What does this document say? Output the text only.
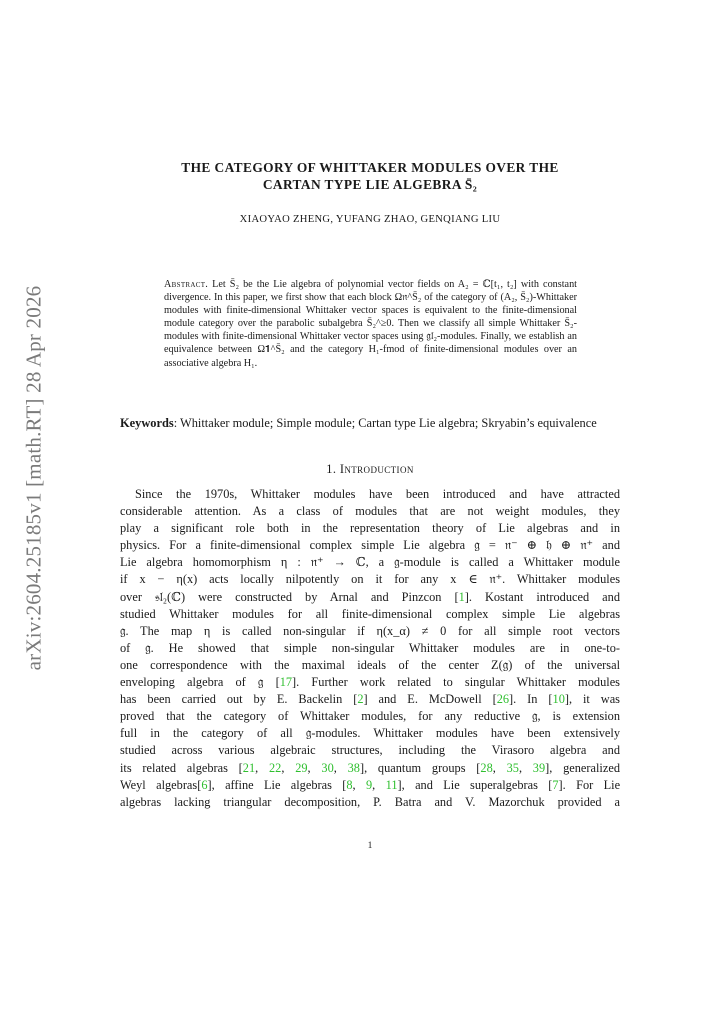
arXiv:2604.25185v1 [math.RT] 28 Apr 2026
THE CATEGORY OF WHITTAKER MODULES OVER THE
CARTAN TYPE LIE ALGEBRA S̄₂
XIAOYAO ZHENG, YUFANG ZHAO, GENQIANG LIU
Abstract. Let S̄₂ be the Lie algebra of polynomial vector fields on A₂ = ℂ[t₁, t₂] with constant divergence. In this paper, we first show that each block Ω𝔫^S̄₂ of the category of (A₂, S̄₂)-Whittaker modules with finite-dimensional Whittaker vector spaces is equivalent to the finite-dimensional module category over the parabolic subalgebra S̄₂^≥0. Then we classify all simple Whittaker S̄₂-modules with finite-dimensional Whittaker vector spaces using 𝔤𝔩₂-modules. Finally, we establish an equivalence between Ω𝟏^S̄₂ and the category H₁-fmod of finite-dimensional modules over an associative algebra H₁.
Keywords: Whittaker module; Simple module; Cartan type Lie algebra; Skryabin’s equivalence
1. Introduction
Since the 1970s, Whittaker modules have been introduced and have attracted
considerable attention. As a class of modules that are not weight modules, they
play a significant role both in the representation theory of Lie algebras and in
physics. For a finite-dimensional complex simple Lie algebra 𝔤 = 𝔫⁻ ⊕ 𝔥 ⊕ 𝔫⁺ and
Lie algebra homomorphism η : 𝔫⁺ → ℂ, a 𝔤-module is called a Whittaker module
if x − η(x) acts locally nilpotently on it for any x ∈ 𝔫⁺. Whittaker modules
over 𝔰𝔩₂(ℂ) were constructed by Arnal and Pinzcon [1]. Kostant introduced and
studied Whittaker modules for all finite-dimensional complex simple Lie algebras
𝔤. The map η is called non-singular if η(x_α) ≠ 0 for all simple root vectors
of 𝔤. He showed that simple non-singular Whittaker modules are in one-to-
one correspondence with the maximal ideals of the center Z(𝔤) of the universal
enveloping algebra of 𝔤 [17]. Further work related to singular Whittaker modules
has been carried out by E. Backelin [2] and E. McDowell [26]. In [10], it was
proved that the category of Whittaker modules, for any reductive 𝔤, is extension
full in the category of all 𝔤-modules. Whittaker modules have been extensively
studied across various algebraic structures, including the Virasoro algebra and
its related algebras [21, 22, 29, 30, 38], quantum groups [28, 35, 39], generalized
Weyl algebras[6], affine Lie algebras [8, 9, 11], and Lie superalgebras [7]. For Lie
algebras lacking triangular decomposition, P. Batra and V. Mazorchuk provided a
1
